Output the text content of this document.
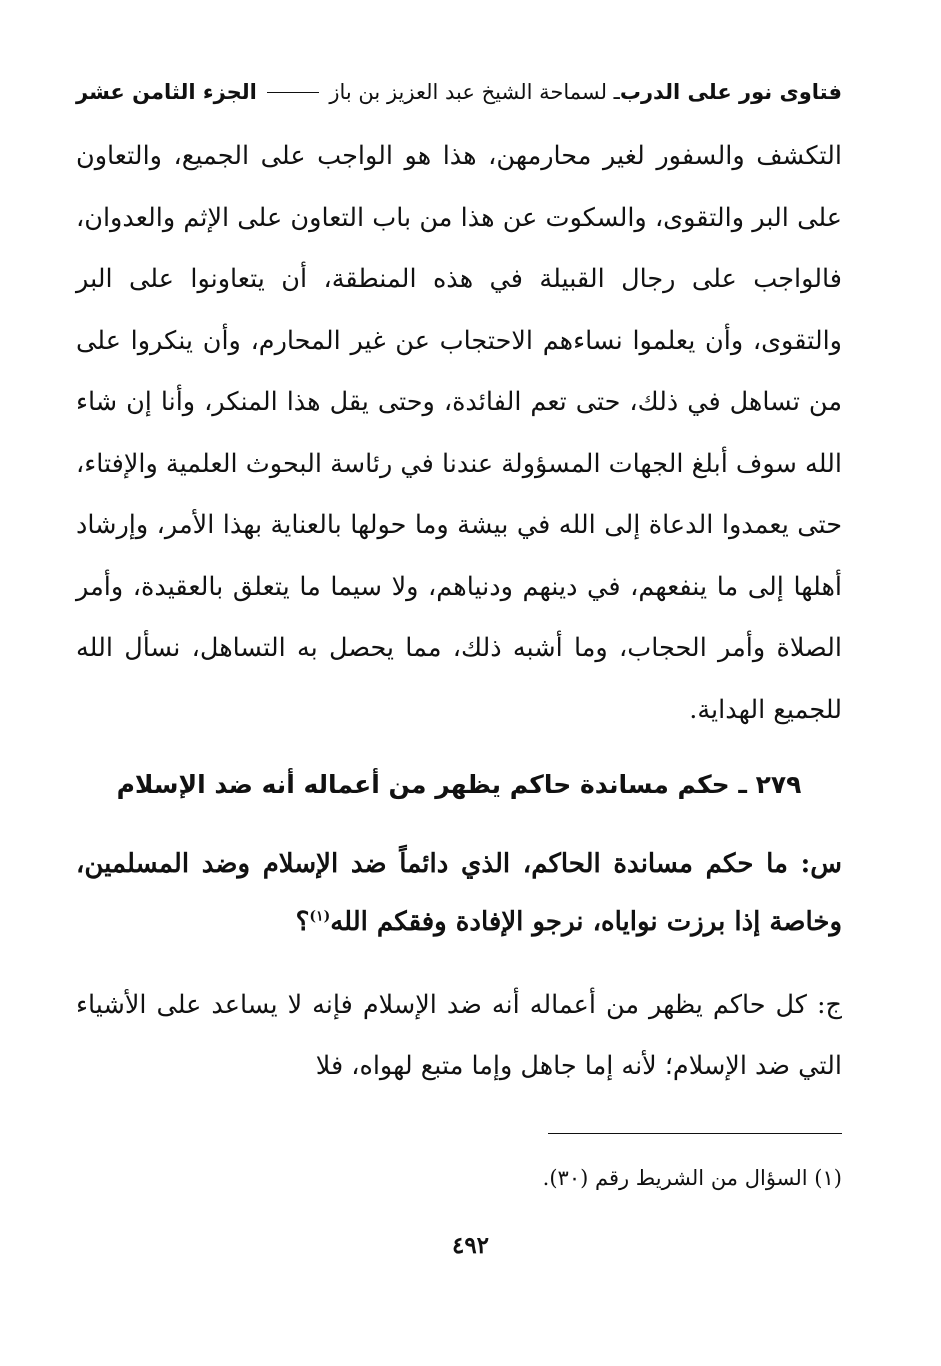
فتاوى نور على الدرب
ـ لسماحة الشيخ عبد العزيز بن باز
الجزء الثامن عشر

التكشف والسفور لغير محارمهن، هذا هو الواجب على الجميع، والتعاون على البر والتقوى، والسكوت عن هذا من باب التعاون على الإثم والعدوان، فالواجب على رجال القبيلة في هذه المنطقة، أن يتعاونوا على البر والتقوى، وأن يعلموا نساءهم الاحتجاب عن غير المحارم، وأن ينكروا على من تساهل في ذلك، حتى تعم الفائدة، وحتى يقل هذا المنكر، وأنا إن شاء الله سوف أبلغ الجهات المسؤولة عندنا في رئاسة البحوث العلمية والإفتاء، حتى يعمدوا الدعاة إلى الله في بيشة وما حولها بالعناية بهذا الأمر، وإرشاد أهلها إلى ما ينفعهم، في دينهم ودنياهم، ولا سيما ما يتعلق بالعقيدة، وأمر الصلاة وأمر الحجاب، وما أشبه ذلك، مما يحصل به التساهل، نسأل الله للجميع الهداية.

٢٧٩ ـ حكم مساندة حاكم يظهر من أعماله أنه ضد الإسلام

س: ما حكم مساندة الحاكم، الذي دائماً ضد الإسلام وضد المسلمين، وخاصة إذا برزت نواياه، نرجو الإفادة وفقكم الله$^{(١)}$؟

ج: كل حاكم يظهر من أعماله أنه ضد الإسلام فإنه لا يساعد على الأشياء التي ضد الإسلام؛ لأنه إما جاهل وإما متبع لهواه، فلا

(١) السؤال من الشريط رقم (٣٠).
٤٩٢
